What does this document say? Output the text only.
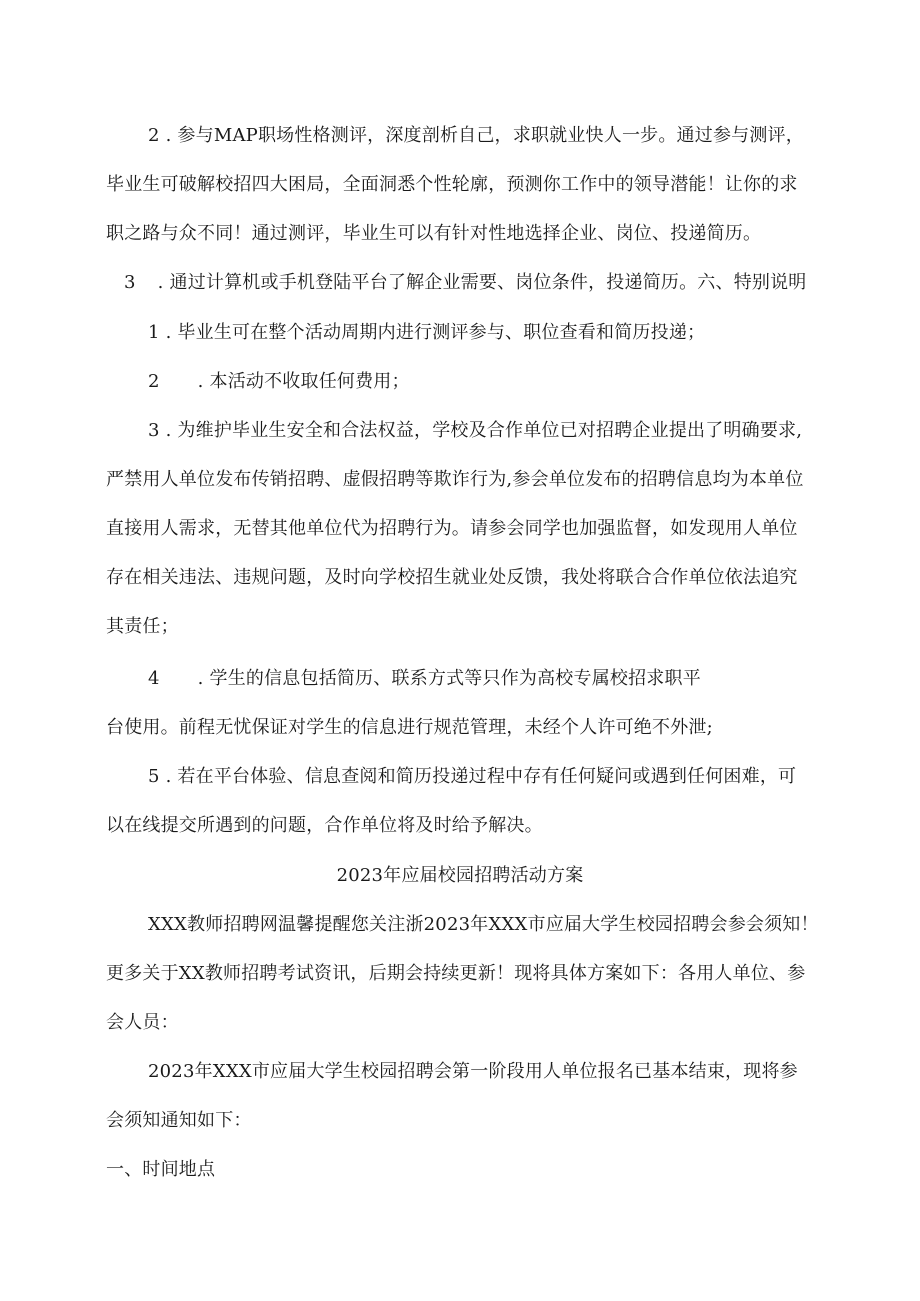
2 . 参与MAP职场性格测评，深度剖析自己，求职就业快人一步。通过参与测评，
毕业生可破解校招四大困局，全面洞悉个性轮廓，预测你工作中的领导潜能！让你的求
职之路与众不同！通过测评，毕业生可以有针对性地选择企业、岗位、投递简历。
3 . 通过计算机或手机登陆平台了解企业需要、岗位条件，投递简历。六、特别说明
1 . 毕业生可在整个活动周期内进行测评参与、职位查看和简历投递；
2 . 本活动不收取任何费用；
3 . 为维护毕业生安全和合法权益，学校及合作单位已对招聘企业提出了明确要求,
严禁用人单位发布传销招聘、虚假招聘等欺诈行为,参会单位发布的招聘信息均为本单位
直接用人需求，无替其他单位代为招聘行为。请参会同学也加强监督，如发现用人单位
存在相关违法、违规问题，及时向学校招生就业处反馈，我处将联合合作单位依法追究
其责任；
4 . 学生的信息包括简历、联系方式等只作为高校专属校招求职平
台使用。前程无忧保证对学生的信息进行规范管理，未经个人许可绝不外泄;
5 . 若在平台体验、信息查阅和简历投递过程中存有任何疑问或遇到任何困难，可
以在线提交所遇到的问题，合作单位将及时给予解决。
2023年应届校园招聘活动方案
XXX教师招聘网温馨提醒您关注浙2023年XXX市应届大学生校园招聘会参会须知！
更多关于XX教师招聘考试资讯，后期会持续更新！现将具体方案如下：各用人单位、参
会人员：
2023年XXX市应届大学生校园招聘会第一阶段用人单位报名已基本结束，现将参
会须知通知如下：
一、时间地点
